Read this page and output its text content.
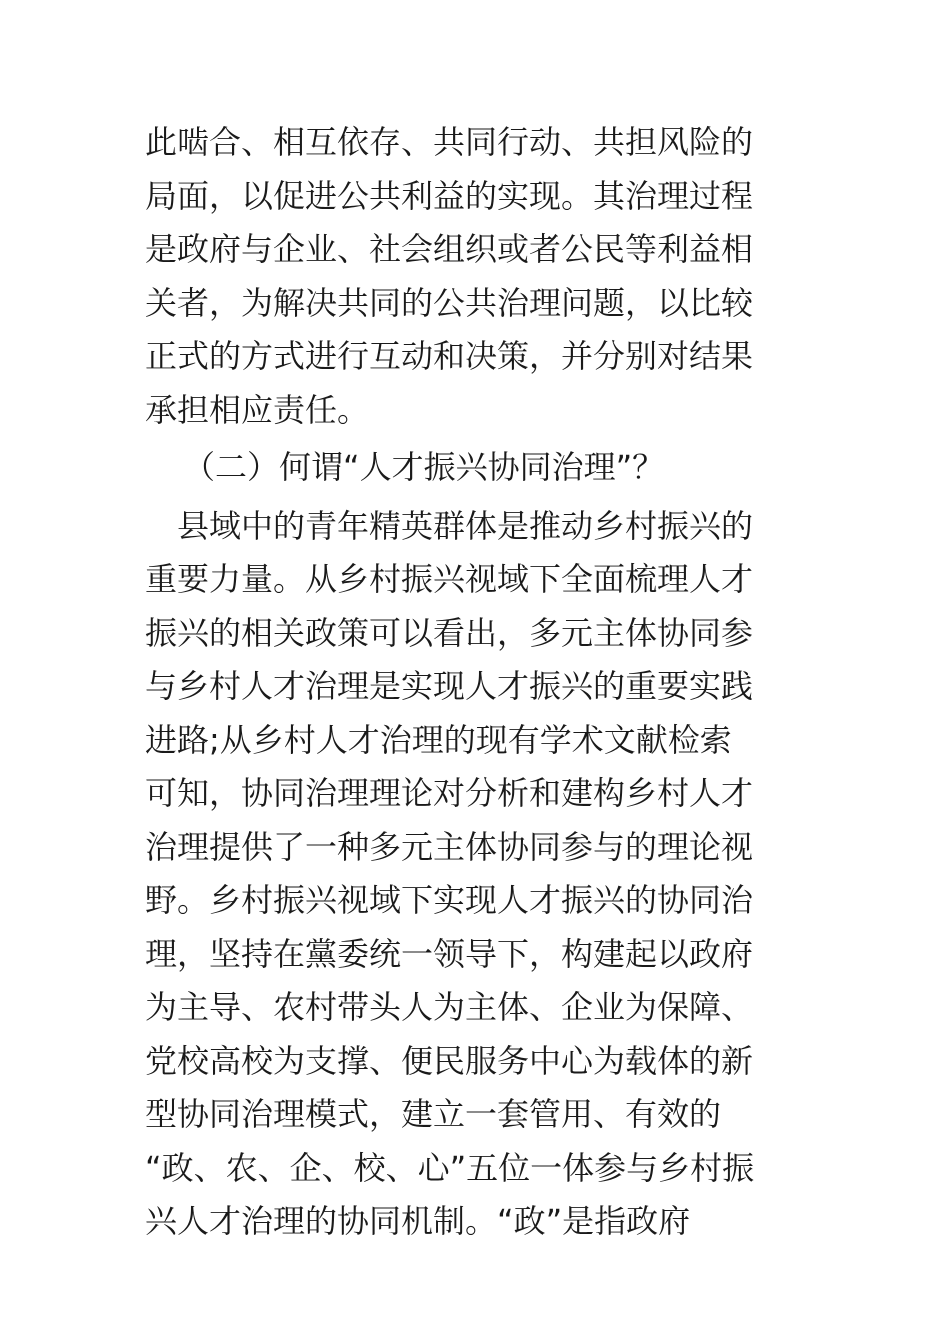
此啮合、相互依存、共同行动、共担风险的
局面，以促进公共利益的实现。其治理过程
是政府与企业、社会组织或者公民等利益相
关者，为解决共同的公共治理问题，以比较
正式的方式进行互动和决策，并分别对结果
承担相应责任。
（二）何谓“人才振兴协同治理”？
县域中的青年精英群体是推动乡村振兴的
重要力量。从乡村振兴视域下全面梳理人才
振兴的相关政策可以看出，多元主体协同参
与乡村人才治理是实现人才振兴的重要实践
进路;从乡村人才治理的现有学术文献检索
可知，协同治理理论对分析和建构乡村人才
治理提供了一种多元主体协同参与的理论视
野。乡村振兴视域下实现人才振兴的协同治
理，坚持在黨委统一领导下，构建起以政府
为主导、农村带头人为主体、企业为保障、
党校高校为支撑、便民服务中心为载体的新
型协同治理模式，建立一套管用、有效的
“政、农、企、校、心”五位一体参与乡村振
兴人才治理的协同机制。“政”是指政府
